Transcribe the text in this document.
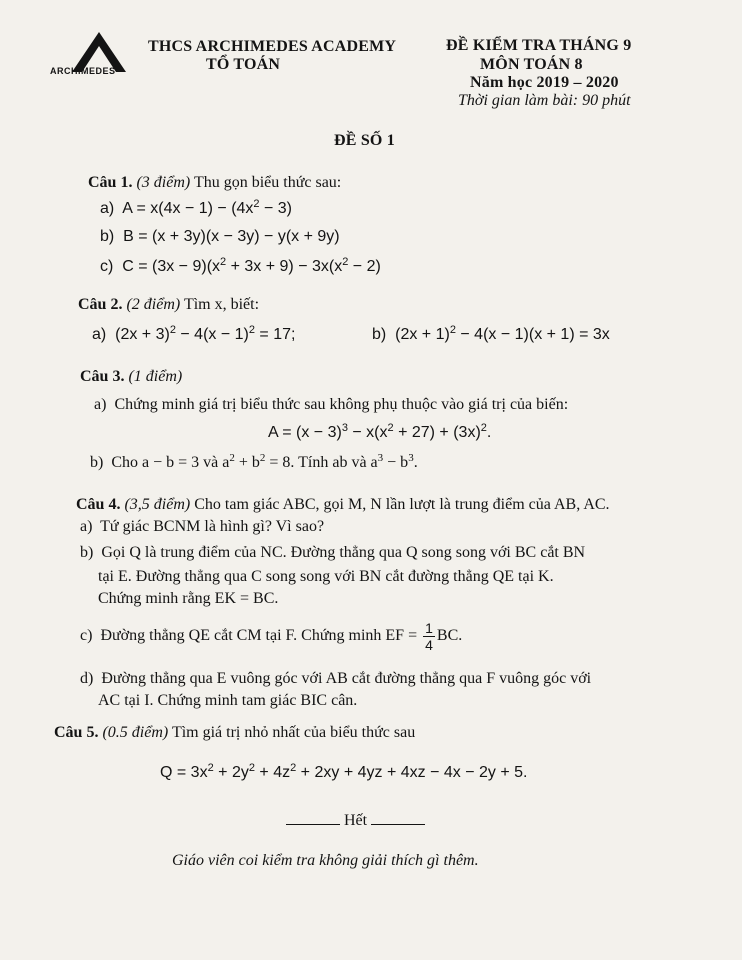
ARCHIMEDES
THCS ARCHIMEDES ACADEMY
TỔ TOÁN
ĐỀ KIỂM TRA THÁNG 9
MÔN TOÁN 8
Năm học 2019 – 2020
Thời gian làm bài: 90 phút
ĐỀ SỐ 1
Câu 1. (3 điểm) Thu gọn biểu thức sau:
a) $A = x(4x - 1) - (4x^2 - 3)$
b) B = (x + 3y)(x − 3y) − y(x + 9y)
c) $C = (3x - 9)(x^2 + 3x + 9) - 3x(x^2 - 2)$
Câu 2. (2 điểm) Tìm x, biết:
a) $(2x + 3)^2 - 4(x - 1)^2 = 17$;	b) $(2x + 1)^2 - 4(x - 1)(x + 1) = 3x$
Câu 3. (1 điểm)
a) Chứng minh giá trị biểu thức sau không phụ thuộc vào giá trị của biến:
$A = (x - 3)^3 - x(x^2 + 27) + (3x)^2$.
b) Cho a − b = 3 và $a^2 + b^2 = 8$. Tính ab và $a^3 - b^3$.
Câu 4. (3,5 điểm) Cho tam giác ABC, gọi M, N lần lượt là trung điểm của AB, AC.
a) Tứ giác BCNM là hình gì? Vì sao?
b) Gọi Q là trung điểm của NC. Đường thẳng qua Q song song với BC cắt BN
tại E. Đường thẳng qua C song song với BN cắt đường thẳng QE tại K.
Chứng minh rằng EK = BC.
c) Đường thẳng QE cắt CM tại F. Chứng minh EF = $\frac{1}{4}$ BC.
d) Đường thẳng qua E vuông góc với AB cắt đường thẳng qua F vuông góc với
AC tại I. Chứng minh tam giác BIC cân.
Câu 5. (0.5 điểm) Tìm giá trị nhỏ nhất của biểu thức sau
$Q = 3x^2 + 2y^2 + 4z^2 + 2xy + 4yz + 4xz - 4x - 2y + 5$.
Hết
Giáo viên coi kiểm tra không giải thích gì thêm.
